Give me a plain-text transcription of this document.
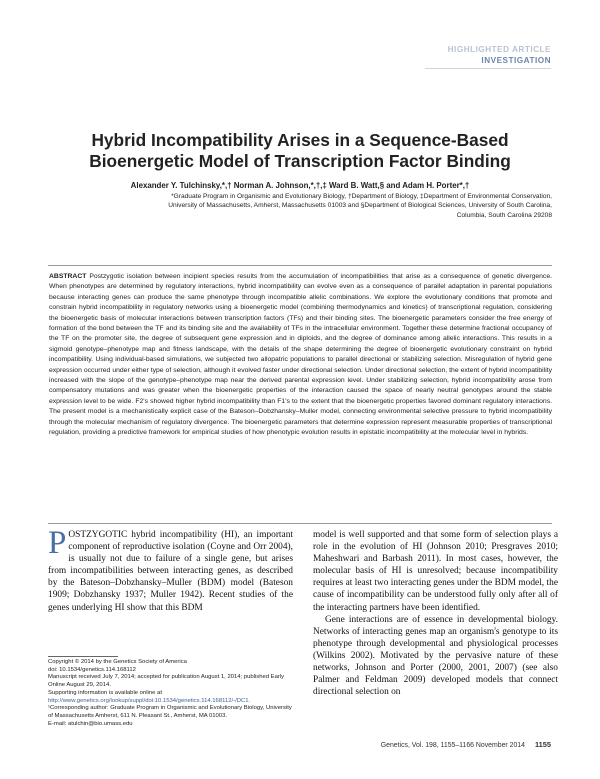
HIGHLIGHTED ARTICLE
INVESTIGATION
Hybrid Incompatibility Arises in a Sequence-Based
Bioenergetic Model of Transcription Factor Binding
Alexander Y. Tulchinsky,*,† Norman A. Johnson,*,†,‡ Ward B. Watt,§ and Adam H. Porter*,†
*Graduate Program in Organismic and Evolutionary Biology, †Department of Biology, ‡Department of Environmental Conservation,
University of Massachusetts, Amherst, Massachusetts 01003 and §Department of Biological Sciences, University of South Carolina,
Columbia, South Carolina 29208
ABSTRACT Postzygotic isolation between incipient species results from the accumulation of incompatibilities that arise as a consequence of genetic divergence. When phenotypes are determined by regulatory interactions, hybrid incompatibility can evolve even as a consequence of parallel adaptation in parental populations because interacting genes can produce the same phenotype through incompatible allelic combinations. We explore the evolutionary conditions that promote and constrain hybrid incompatibility in regulatory networks using a bioenergetic model (combining thermodynamics and kinetics) of transcriptional regulation, considering the bioenergetic basis of molecular interactions between transcription factors (TFs) and their binding sites. The bioenergetic parameters consider the free energy of formation of the bond between the TF and its binding site and the availability of TFs in the intracellular environment. Together these determine fractional occupancy of the TF on the promoter site, the degree of subsequent gene expression and in diploids, and the degree of dominance among allelic interactions. This results in a sigmoid genotype–phenotype map and fitness landscape, with the details of the shape determining the degree of bioenergetic evolutionary constraint on hybrid incompatibility. Using individual-based simulations, we subjected two allopatric populations to parallel directional or stabilizing selection. Misregulation of hybrid gene expression occurred under either type of selection, although it evolved faster under directional selection. Under directional selection, the extent of hybrid incompatibility increased with the slope of the genotype–phenotype map near the derived parental expression level. Under stabilizing selection, hybrid incompatibility arose from compensatory mutations and was greater when the bioenergetic properties of the interaction caused the space of nearly neutral genotypes around the stable expression level to be wide. F2's showed higher hybrid incompatibility than F1's to the extent that the bioenergetic properties favored dominant regulatory interactions. The present model is a mechanistically explicit case of the Bateson–Dobzhansky–Muller model, connecting environmental selective pressure to hybrid incompatibility through the molecular mechanism of regulatory divergence. The bioenergetic parameters that determine expression represent measurable properties of transcriptional regulation, providing a predictive framework for empirical studies of how phenotypic evolution results in epistatic incompatibility at the molecular level in hybrids.

POSTZYGOTIC hybrid incompatibility (HI), an important component of reproductive isolation (Coyne and Orr 2004), is usually not due to failure of a single gene, but arises from incompatibilities between interacting genes, as described by the Bateson–Dobzhansky–Muller (BDM) model (Bateson 1909; Dobzhansky 1937; Muller 1942). Recent studies of the genes underlying HI show that this BDM

model is well supported and that some form of selection plays a role in the evolution of HI (Johnson 2010; Presgraves 2010; Maheshwari and Barbash 2011). In most cases, however, the molecular basis of HI is unresolved; because incompatibility requires at least two interacting genes under the BDM model, the cause of incompatibility can be understood fully only after all of the interacting partners have been identified.

Gene interactions are of essence in developmental biology. Networks of interacting genes map an organism's genotype to its phenotype through developmental and physiological processes (Wilkins 2002). Motivated by the pervasive nature of these networks, Johnson and Porter (2000, 2001, 2007) (see also Palmer and Feldman 2009) developed models that connect directional selection on

Copyright © 2014 by the Genetics Society of America
doi: 10.1534/genetics.114.168112
Manuscript received July 7, 2014; accepted for publication August 1, 2014; published Early Online August 29, 2014.
Supporting information is available online at http://www.genetics.org/lookup/suppl/doi:10.1534/genetics.114.168112/-/DC1.
¹Corresponding author: Graduate Program in Organismic and Evolutionary Biology, University of Massachusetts Amherst, 611 N. Pleasant St., Amherst, MA 01003.
E-mail: atulchin@bio.umass.edu
Genetics, Vol. 198, 1155–1166 November 2014 1155
